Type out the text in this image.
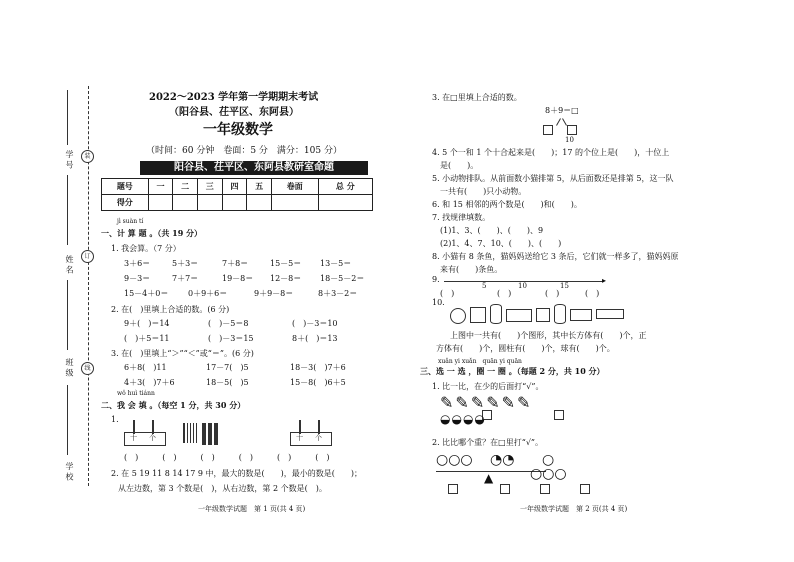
学 号
姓 名
班 级
学 校
装
订
线
2022～2023 学年第一学期期末考试
（阳谷县、茌平区、东阿县）
一年级数学
（时间：60 分钟　卷面：5 分　满分：105 分）
阳谷县、茌平区、东阿县教研室命题
题号	一	二	三	四	五	卷面	总 分
得分							
jì suàn tí
一、计 算 题 。（共 19 分）
1. 我会算。（7 分）
3＋6＝	5＋3＝	7＋8＝	15－5＝ 13－5＝
9－3＝	7＋7＝	19－8＝ 12－8＝ 18－5－2＝
15－4＋0＝ 0＋9＋6＝	9＋9－8＝	8＋3－2＝
2. 在(　)里填上合适的数。(6 分)
9＋(　)＝14	(　)－5＝8	(　)－3＝10
(　)＋5＝11	(　)－3＝15	8＋(　)＝13
3. 在(　)里填上“＞”“＜”或“＝”。(6 分)
6＋8(　)11	17－7(　)5	18－3(　)7＋6
4＋3(　)7＋6	18－5(　)5	15－8(　)6＋5
wǒ huì tiánn
二、我 会 填 。（每空 1 分，共 30 分）
1.
十 个	十 个
(　)　　　(　)　　　(　)　　　(　)　　　(　)　　　(　)
2. 在 5 19 11 8 14 17 9 中，最大的数是(　　)，最小的数是(　　)；
从左边数，第 3 个数是(　)，从右边数，第 2 个数是(　)。
一年级数学试题　第 1 页(共 4 页)
3. 在□里填上合适的数。
8＋9＝□
10
4. 5 个一和 1 个十合起来是(　　)；17 的个位上是(　　)，十位上
是(　　)。
5. 小动物排队。从前面数小猫排第 5，从后面数还是排第 5，这一队
一共有(　　)只小动物。
6. 和 15 相邻的两个数是(　　)和(　　)。
7. 找规律填数。
(1)1、3、(　　)、(　　)、9
(2)1、4、7、10、(　　)、(　　)
8. 小猫有 8 条鱼，猫妈妈送给它 3 条后，它们就一样多了，猫妈妈原
来有(　　)条鱼。
9.	▸
5	10	15
(　)	(　)	(　)	(　)
10.
上图中一共有(　　)个图形，其中长方体有(　　)个，正
方体有(　　)个，圆柱有(　　)个，球有(　　)个。
xuǎn yi xuǎn　quān yi quān
三、选 一 选 ，圈 一 圈 。（每题 2 分，共 10 分）
1. 比一比，在少的后面打“√”。
✎✎✎✎✎✎
◒◒◒◒
2. 比比哪个重？在□里打“√”。
○○○ ◔◔
▲
○
○○○
一年级数学试题　第 2 页(共 4 页)
